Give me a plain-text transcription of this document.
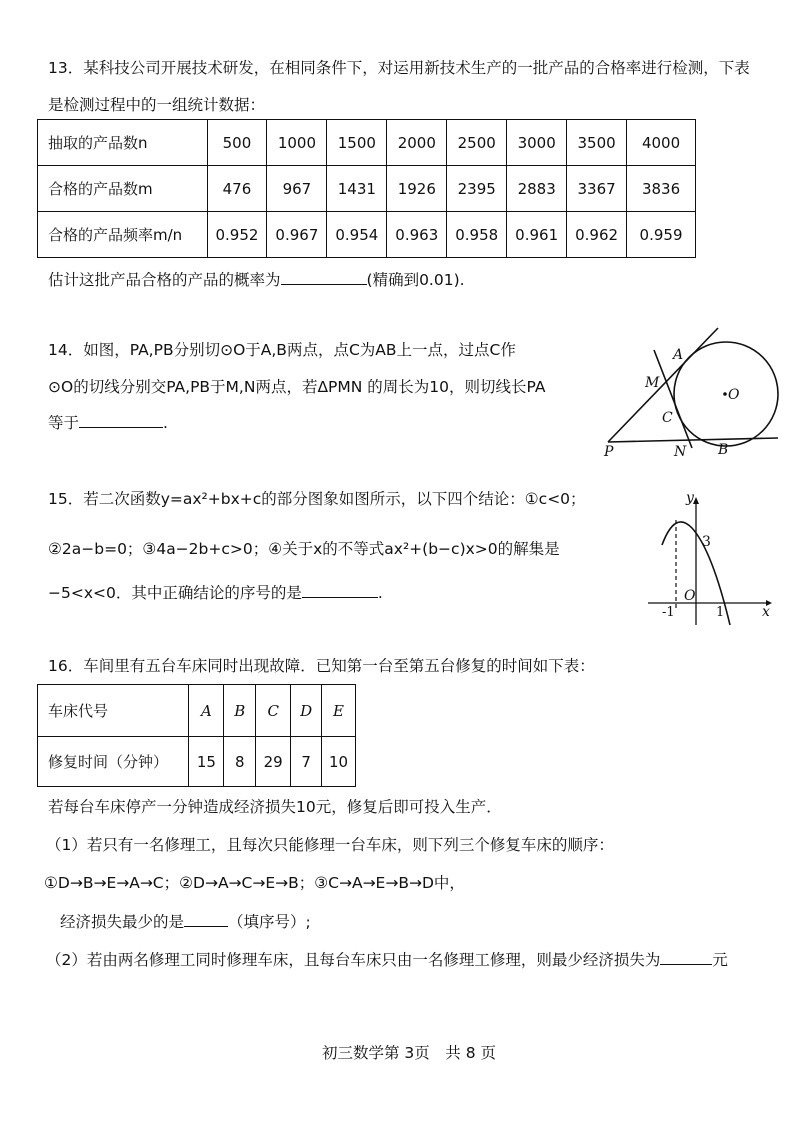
13．某科技公司开展技术研发，在相同条件下，对运用新技术生产的一批产品的合格率进行检测，下表
是检测过程中的一组统计数据：
抽取的产品数n	500	1000	1500	2000	2500	3000	3500	4000
合格的产品数m	476	967	1431	1926	2395	2883	3367	3836
合格的产品频率m/n	0.952	0.967	0.954	0.963	0.958	0.961	0.962	0.959
估计这批产品合格的产品的概率为	(精确到0.01).
14．如图，PA,PB分别切⊙O于A,B两点，点C为AB上一点，过点C作
⊙O的切线分别交PA,PB于M,N两点，若ΔPMN 的周长为10，则切线长PA
等于	.
A
M
O
C
P	N B
15．若二次函数y=ax²+bx+c的部分图象如图所示，以下四个结论：①c<0；
②2a−b=0；③4a−2b+c>0；④关于x的不等式ax²+(b−c)x>0的解集是
−5<x<0．其中正确结论的序号的是	.
y
3
O
-1	1	x
16．车间里有五台车床同时出现故障．已知第一台至第五台修复的时间如下表：
车床代号	A	B	C	D	E
修复时间（分钟）	15	8	29	7	10
若每台车床停产一分钟造成经济损失10元，修复后即可投入生产．
（1）若只有一名修理工，且每次只能修理一台车床，则下列三个修复车床的顺序：
①D→B→E→A→C；②D→A→C→E→B；③C→A→E→B→D中，
经济损失最少的是	（填序号）;
（2）若由两名修理工同时修理车床，且每台车床只由一名修理工修理，则最少经济损失为	元
初三数学第 3页　共 8 页
